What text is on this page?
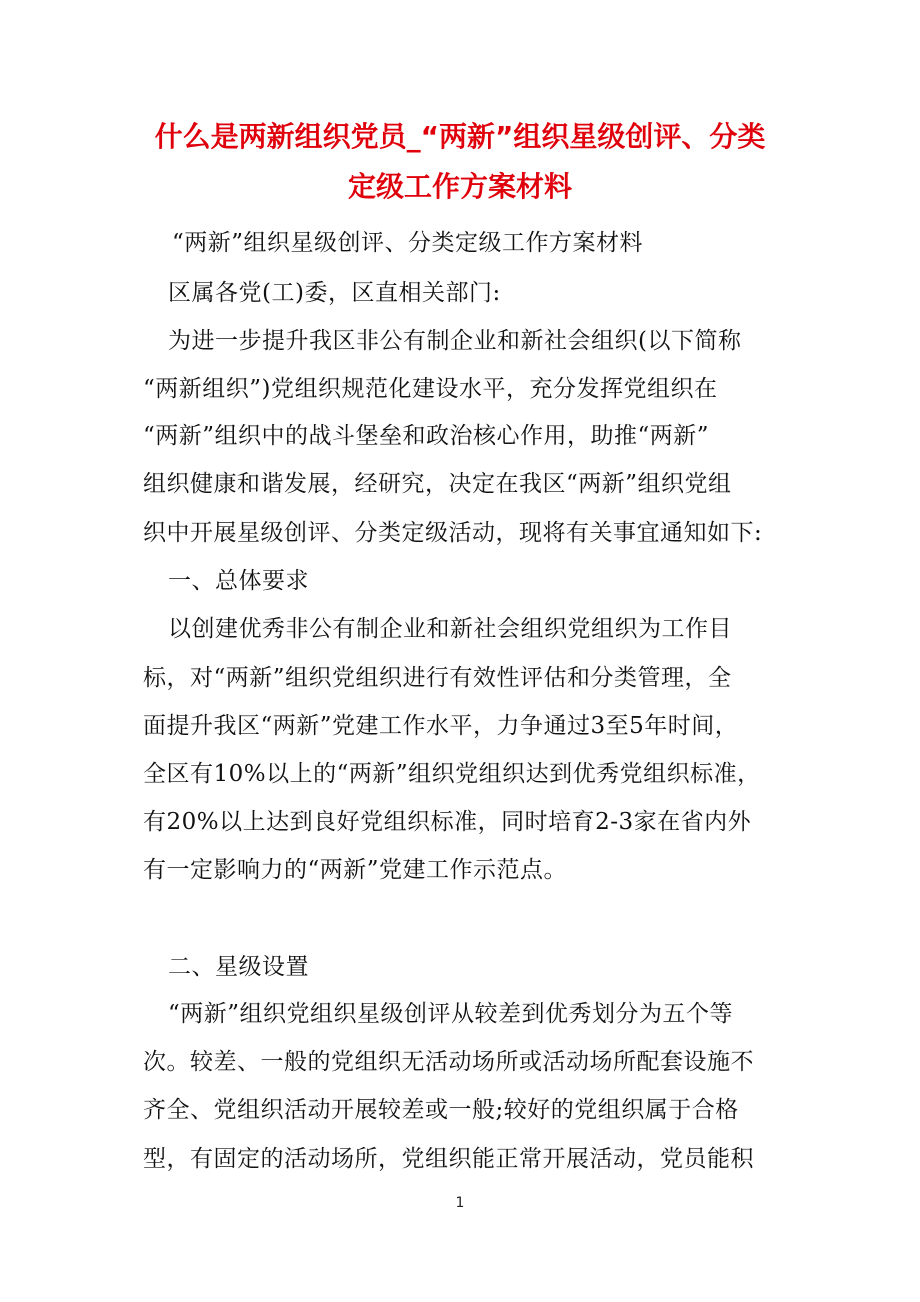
什么是两新组织党员_“两新”组织星级创评、分类
定级工作方案材料
“两新”组织星级创评、分类定级工作方案材料
区属各党(工)委，区直相关部门:
为进一步提升我区非公有制企业和新社会组织(以下简称
“两新组织”)党组织规范化建设水平，充分发挥党组织在
“两新”组织中的战斗堡垒和政治核心作用，助推“两新”
组织健康和谐发展，经研究，决定在我区“两新”组织党组
织中开展星级创评、分类定级活动，现将有关事宜通知如下:
一、总体要求
以创建优秀非公有制企业和新社会组织党组织为工作目
标，对“两新”组织党组织进行有效性评估和分类管理，全
面提升我区“两新”党建工作水平，力争通过3至5年时间，
全区有10%以上的“两新”组织党组织达到优秀党组织标准，
有20%以上达到良好党组织标准，同时培育2-3家在省内外
有一定影响力的“两新”党建工作示范点。
二、星级设置
“两新”组织党组织星级创评从较差到优秀划分为五个等
次。较差、一般的党组织无活动场所或活动场所配套设施不
齐全、党组织活动开展较差或一般;较好的党组织属于合格
型，有固定的活动场所，党组织能正常开展活动，党员能积
1
